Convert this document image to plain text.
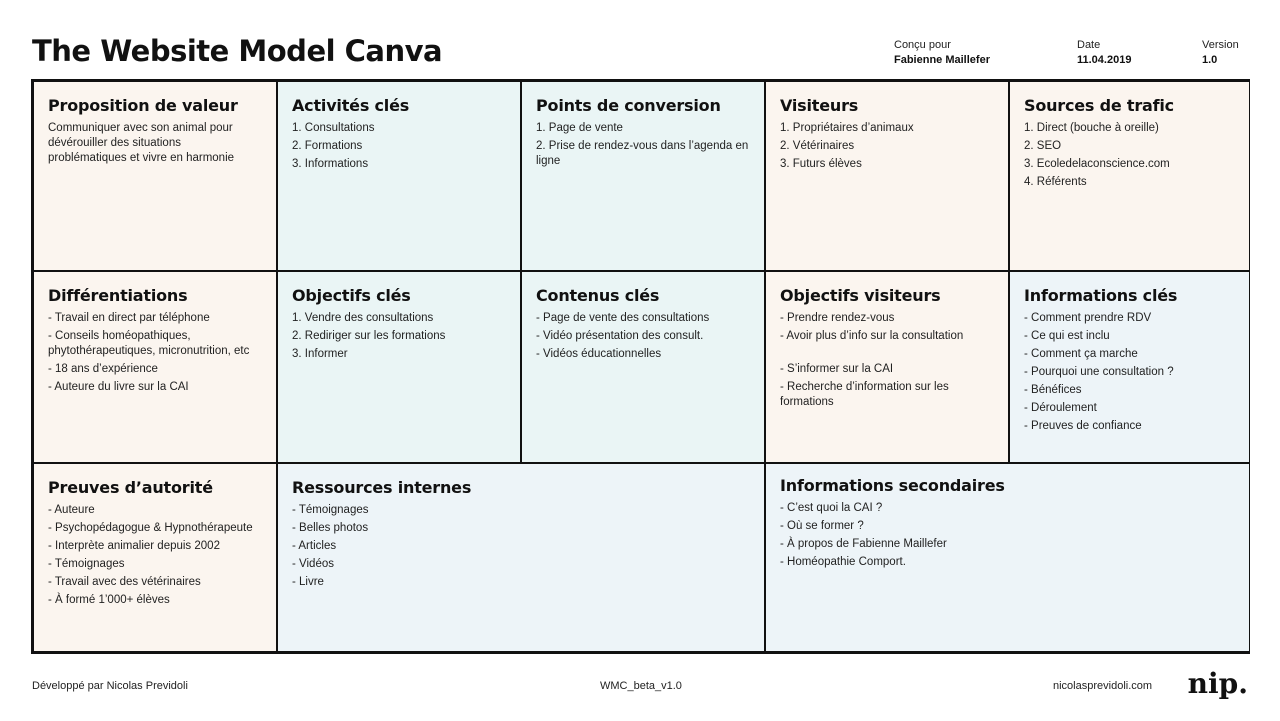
The Website Model Canva	Conçu pour
Fabienne Maillefer
Date
11.04.2019
Version
1.0
Proposition de valeur

Communiquer avec son animal pour dévérouiller des situations problématiques et vivre en harmonie

Activités clés
1. Consultations
2. Formations
3. Informations
Points de conversion
1. Page de vente
2. Prise de rendez-vous dans l’agenda en ligne
Visiteurs
1. Propriétaires d’animaux
2. Vétérinaires
3. Futurs élèves
Sources de trafic
1. Direct (bouche à oreille)
2. SEO
3. Ecoledelaconscience.com
4. Référents
Différentiations
- Travail en direct par téléphone
- Conseils homéopathiques, phytothérapeutiques, micronutrition, etc
- 18 ans d’expérience
- Auteure du livre sur la CAI
Objectifs clés
1. Vendre des consultations
2. Rediriger sur les formations
3. Informer
Contenus clés
- Page de vente des consultations
- Vidéo présentation des consult.
- Vidéos éducationnelles
Objectifs visiteurs
- Prendre rendez-vous
- Avoir plus d’info sur la consultation
- S’informer sur la CAI
- Recherche d’information sur les formations
Informations clés
- Comment prendre RDV
- Ce qui est inclu
- Comment ça marche
- Pourquoi une consultation ?
- Bénéfices
- Déroulement
- Preuves de confiance
Preuves d’autorité
- Auteure
- Psychopédagogue & Hypnothérapeute
- Interprète animalier depuis 2002
- Témoignages
- Travail avec des vétérinaires
- À formé 1’000+ élèves
Ressources internes
- Témoignages
- Belles photos
- Articles
- Vidéos
- Livre
Informations secondaires
- C’est quoi la CAI ?
- Où se former ?
- À propos de Fabienne Maillefer
- Homéopathie Comport.
Développé par Nicolas Previdoli	WMC_beta_v1.0	nicolasprevidoli.com nip.
